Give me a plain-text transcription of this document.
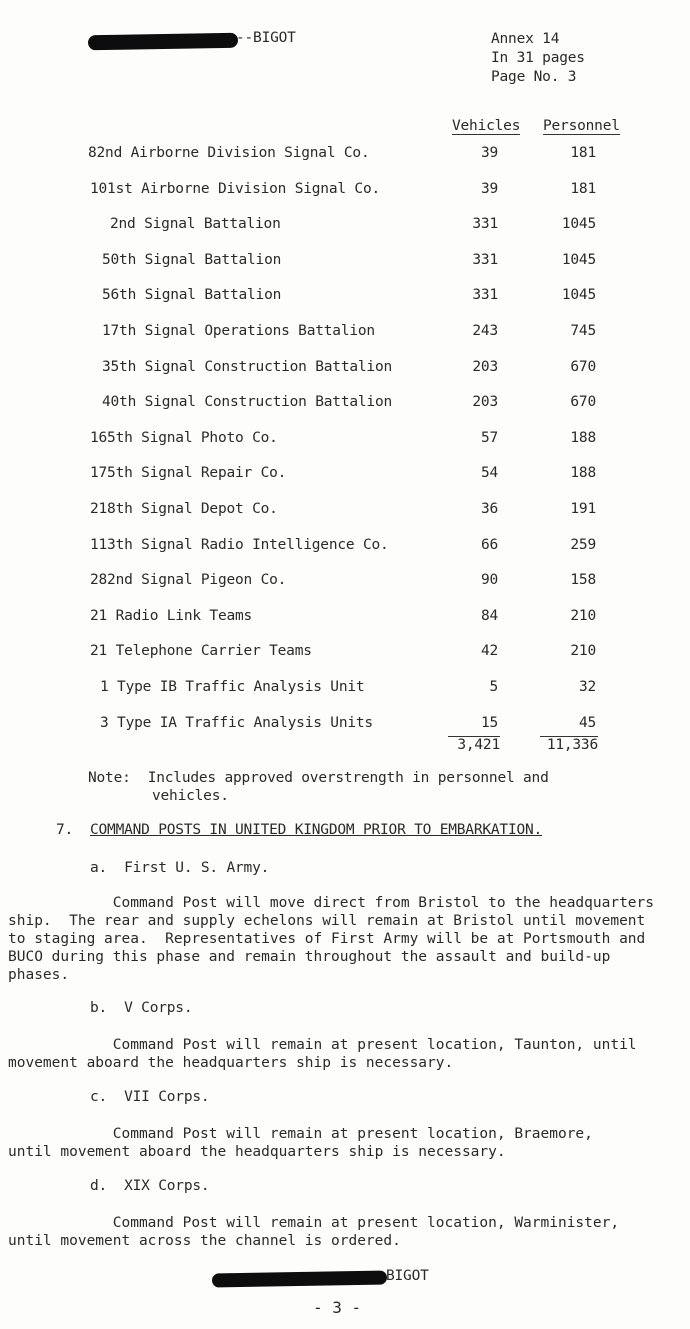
--BIGOT	Annex 14
In 31 pages
Page No. 3
Vehicles Personnel
82nd Airborne Division Signal Co.	39	181
101st Airborne Division Signal Co.	39	181
2nd Signal Battalion	331	1045
50th Signal Battalion	331	1045
56th Signal Battalion	331	1045
17th Signal Operations Battalion	243	745
35th Signal Construction Battalion	203	670
40th Signal Construction Battalion	203	670
165th Signal Photo Co.	57	188
175th Signal Repair Co.	54	188
218th Signal Depot Co.	36	191
113th Signal Radio Intelligence Co.	66	259
282nd Signal Pigeon Co.	90	158
21 Radio Link Teams	84	210
21 Telephone Carrier Teams	42	210
1 Type IB Traffic Analysis Unit	5	32
3 Type IA Traffic Analysis Units	15	45
3,421	11,336
Note: Includes approved overstrength in personnel and
vehicles.
7. COMMAND POSTS IN UNITED KINGDOM PRIOR TO EMBARKATION.
a.  First U. S. Army.
Command Post will move direct from Bristol to the headquarters
ship.  The rear and supply echelons will remain at Bristol until movement
to staging area.  Representatives of First Army will be at Portsmouth and
BUCO during this phase and remain throughout the assault and build-up
phases.
b.  V Corps.
Command Post will remain at present location, Taunton, until
movement aboard the headquarters ship is necessary.
c.  VII Corps.
Command Post will remain at present location, Braemore,
until movement aboard the headquarters ship is necessary.
d.  XIX Corps.
Command Post will remain at present location, Warminister,
until movement across the channel is ordered.
BIGOT
- 3 -
